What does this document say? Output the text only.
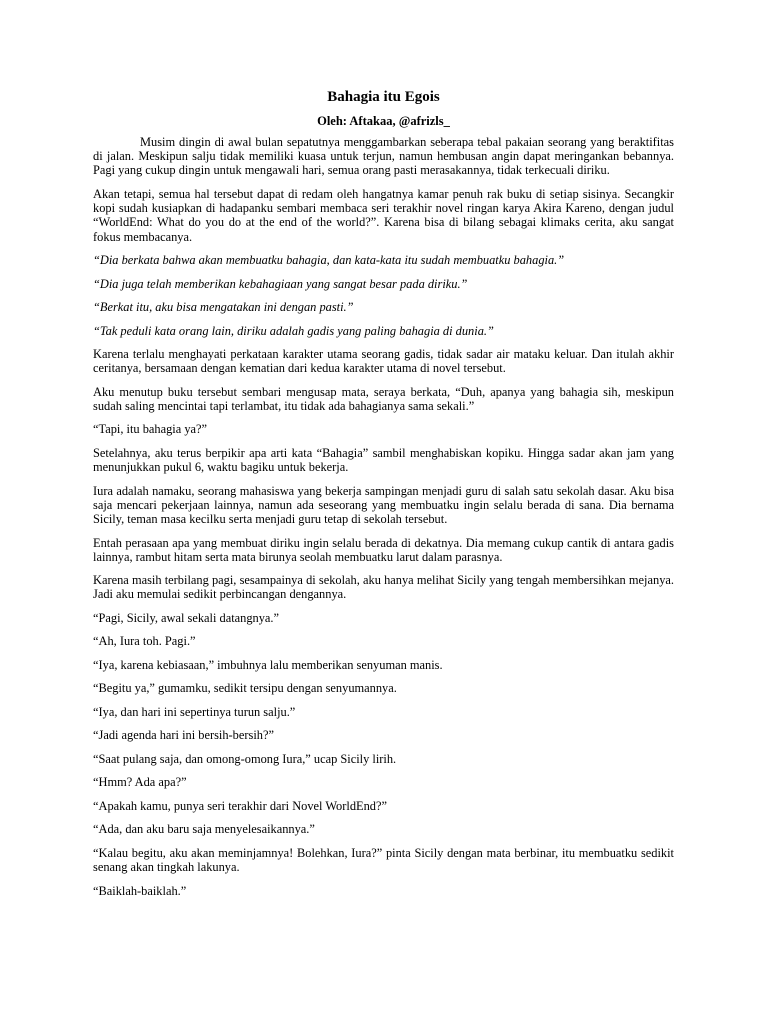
Bahagia itu Egois
Oleh: Aftakaa, @afrizls_

Musim dingin di awal bulan sepatutnya menggambarkan seberapa tebal pakaian seorang yang beraktifitas di jalan. Meskipun salju tidak memiliki kuasa untuk terjun, namun hembusan angin dapat meringankan bebannya. Pagi yang cukup dingin untuk mengawali hari, semua orang pasti merasakannya, tidak terkecuali diriku.

Akan tetapi, semua hal tersebut dapat di redam oleh hangatnya kamar penuh rak buku di setiap sisinya. Secangkir kopi sudah kusiapkan di hadapanku sembari membaca seri terakhir novel ringan karya Akira Kareno, dengan judul “WorldEnd: What do you do at the end of the world?”. Karena bisa di bilang sebagai klimaks cerita, aku sangat fokus membacanya.

“Dia berkata bahwa akan membuatku bahagia, dan kata-kata itu sudah membuatku bahagia.”

“Dia juga telah memberikan kebahagiaan yang sangat besar pada diriku.”

“Berkat itu, aku bisa mengatakan ini dengan pasti.”

“Tak peduli kata orang lain, diriku adalah gadis yang paling bahagia di dunia.”

Karena terlalu menghayati perkataan karakter utama seorang gadis, tidak sadar air mataku keluar. Dan itulah akhir ceritanya, bersamaan dengan kematian dari kedua karakter utama di novel tersebut.

Aku menutup buku tersebut sembari mengusap mata, seraya berkata, “Duh, apanya yang bahagia sih, meskipun sudah saling mencintai tapi terlambat, itu tidak ada bahagianya sama sekali.”

“Tapi, itu bahagia ya?”

Setelahnya, aku terus berpikir apa arti kata “Bahagia” sambil menghabiskan kopiku. Hingga sadar akan jam yang menunjukkan pukul 6, waktu bagiku untuk bekerja.

Iura adalah namaku, seorang mahasiswa yang bekerja sampingan menjadi guru di salah satu sekolah dasar. Aku bisa saja mencari pekerjaan lainnya, namun ada seseorang yang membuatku ingin selalu berada di sana. Dia bernama Sicily, teman masa kecilku serta menjadi guru tetap di sekolah tersebut.

Entah perasaan apa yang membuat diriku ingin selalu berada di dekatnya. Dia memang cukup cantik di antara gadis lainnya, rambut hitam serta mata birunya seolah membuatku larut dalam parasnya.

Karena masih terbilang pagi, sesampainya di sekolah, aku hanya melihat Sicily yang tengah membersihkan mejanya. Jadi aku memulai sedikit perbincangan dengannya.

“Pagi, Sicily, awal sekali datangnya.”

“Ah, Iura toh. Pagi.”

“Iya, karena kebiasaan,” imbuhnya lalu memberikan senyuman manis.

“Begitu ya,” gumamku, sedikit tersipu dengan senyumannya.

“Iya, dan hari ini sepertinya turun salju.”

“Jadi agenda hari ini bersih-bersih?”

“Saat pulang saja, dan omong-omong Iura,” ucap Sicily lirih.

“Hmm? Ada apa?”

“Apakah kamu, punya seri terakhir dari Novel WorldEnd?”

“Ada, dan aku baru saja menyelesaikannya.”

“Kalau begitu, aku akan meminjamnya! Bolehkan, Iura?” pinta Sicily dengan mata berbinar, itu membuatku sedikit senang akan tingkah lakunya.

“Baiklah-baiklah.”
